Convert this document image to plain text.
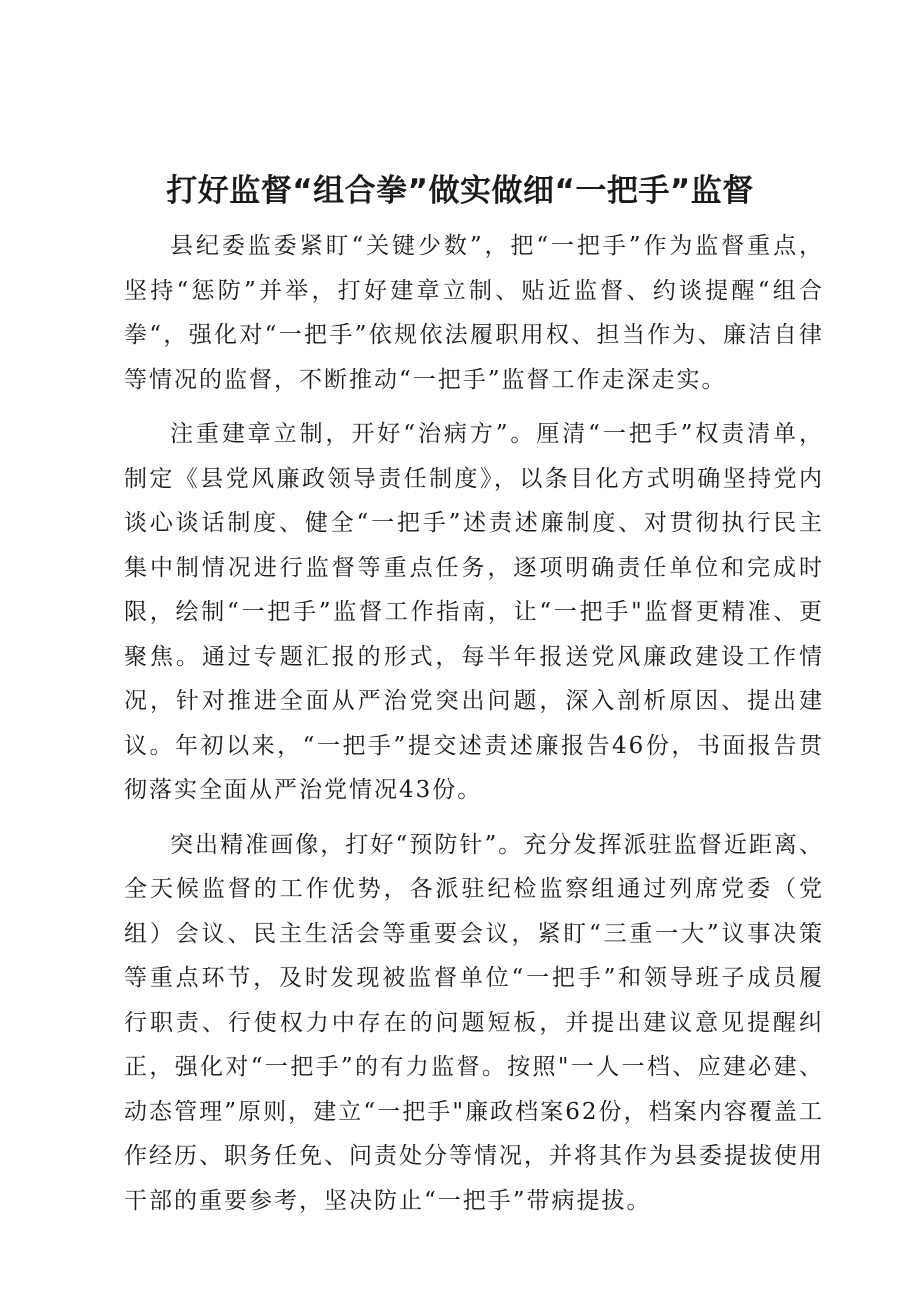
打好监督“组合拳”做实做细“一把手”监督

县纪委监委紧盯“关键少数”，把“一把手”作为监督重点，坚持“惩防”并举，打好建章立制、贴近监督、约谈提醒“组合拳“，强化对“一把手”依规依法履职用权、担当作为、廉洁自律等情况的监督，不断推动“一把手”监督工作走深走实。

注重建章立制，开好“治病方”。厘清“一把手”权责清单，制定《县党风廉政领导责任制度》，以条目化方式明确坚持党内谈心谈话制度、健全“一把手”述责述廉制度、对贯彻执行民主集中制情况进行监督等重点任务，逐项明确责任单位和完成时限，绘制“一把手”监督工作指南，让“一把手"监督更精准、更聚焦。通过专题汇报的形式，每半年报送党风廉政建设工作情况，针对推进全面从严治党突出问题，深入剖析原因、提出建议。年初以来，“一把手”提交述责述廉报告46份，书面报告贯彻落实全面从严治党情况43份。

突出精准画像，打好“预防针”。充分发挥派驻监督近距离、全天候监督的工作优势，各派驻纪检监察组通过列席党委（党组）会议、民主生活会等重要会议，紧盯“三重一大”议事决策等重点环节，及时发现被监督单位“一把手”和领导班子成员履行职责、行使权力中存在的问题短板，并提出建议意见提醒纠正，强化对“一把手”的有力监督。按照"一人一档、应建必建、动态管理”原则，建立“一把手"廉政档案62份，档案内容覆盖工作经历、职务任免、问责处分等情况，并将其作为县委提拔使用干部的重要参考，坚决防止“一把手”带病提拔。
